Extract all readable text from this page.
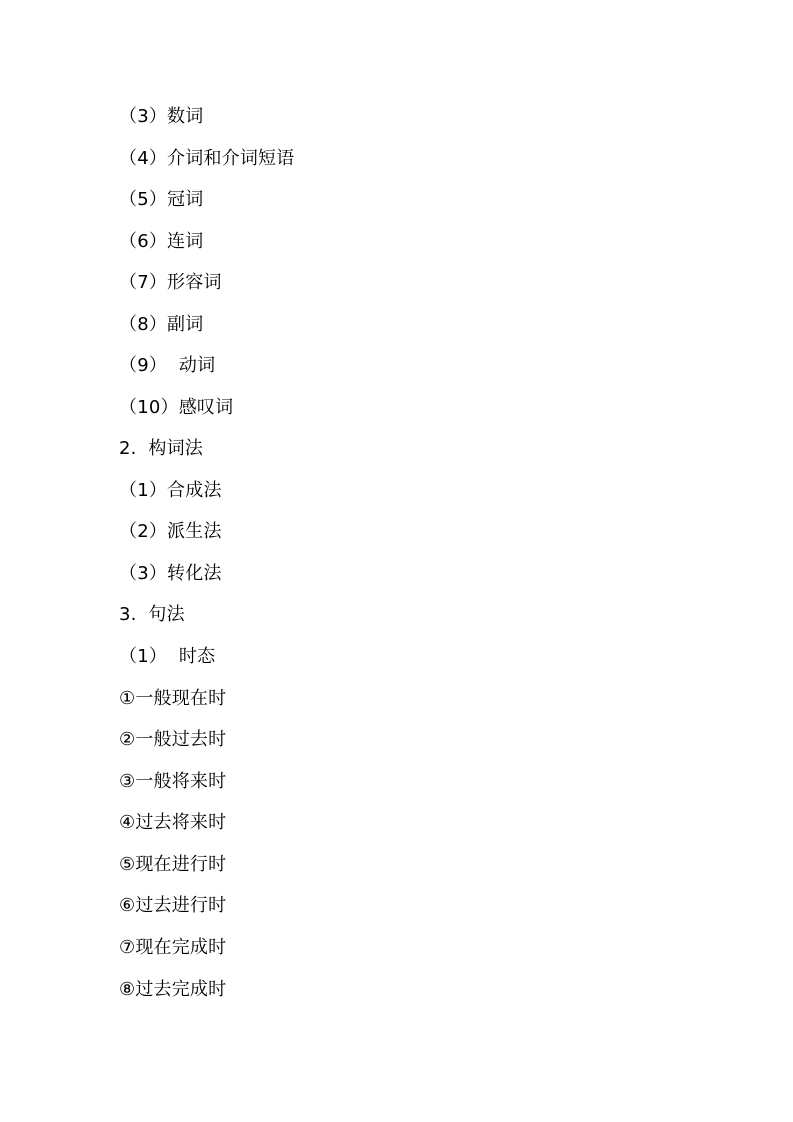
（3）数词
（4）介词和介词短语
（5）冠词
（6）连词
（7）形容词
（8）副词
（9）  动词
（10）感叹词
2.  构词法
（1）合成法
（2）派生法
（3）转化法
3.  句法
（1）  时态
①一般现在时
②一般过去时
③一般将来时
④过去将来时
⑤现在进行时
⑥过去进行时
⑦现在完成时
⑧过去完成时
